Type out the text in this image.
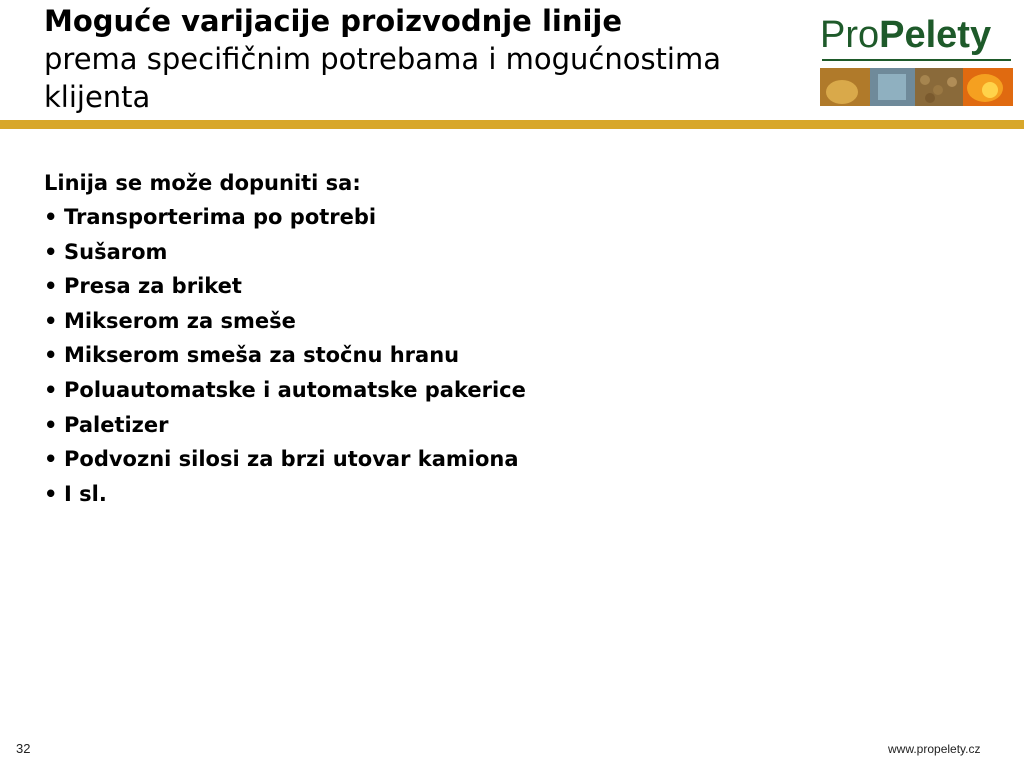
Moguće varijacije proizvodnje linije
prema specifičnim potrebama i mogućnostima klijenta
ProPelety

Linija se može dopuniti sa:

• Transporterima po potrebi
• Sušarom
• Presa za briket
• Mikserom za smeše
• Mikserom smeša za stočnu hranu
• Poluautomatske i automatske pakerice
• Paletizer
• Podvozni silosi za brzi utovar kamiona
• I sl.
32	www.propelety.cz
